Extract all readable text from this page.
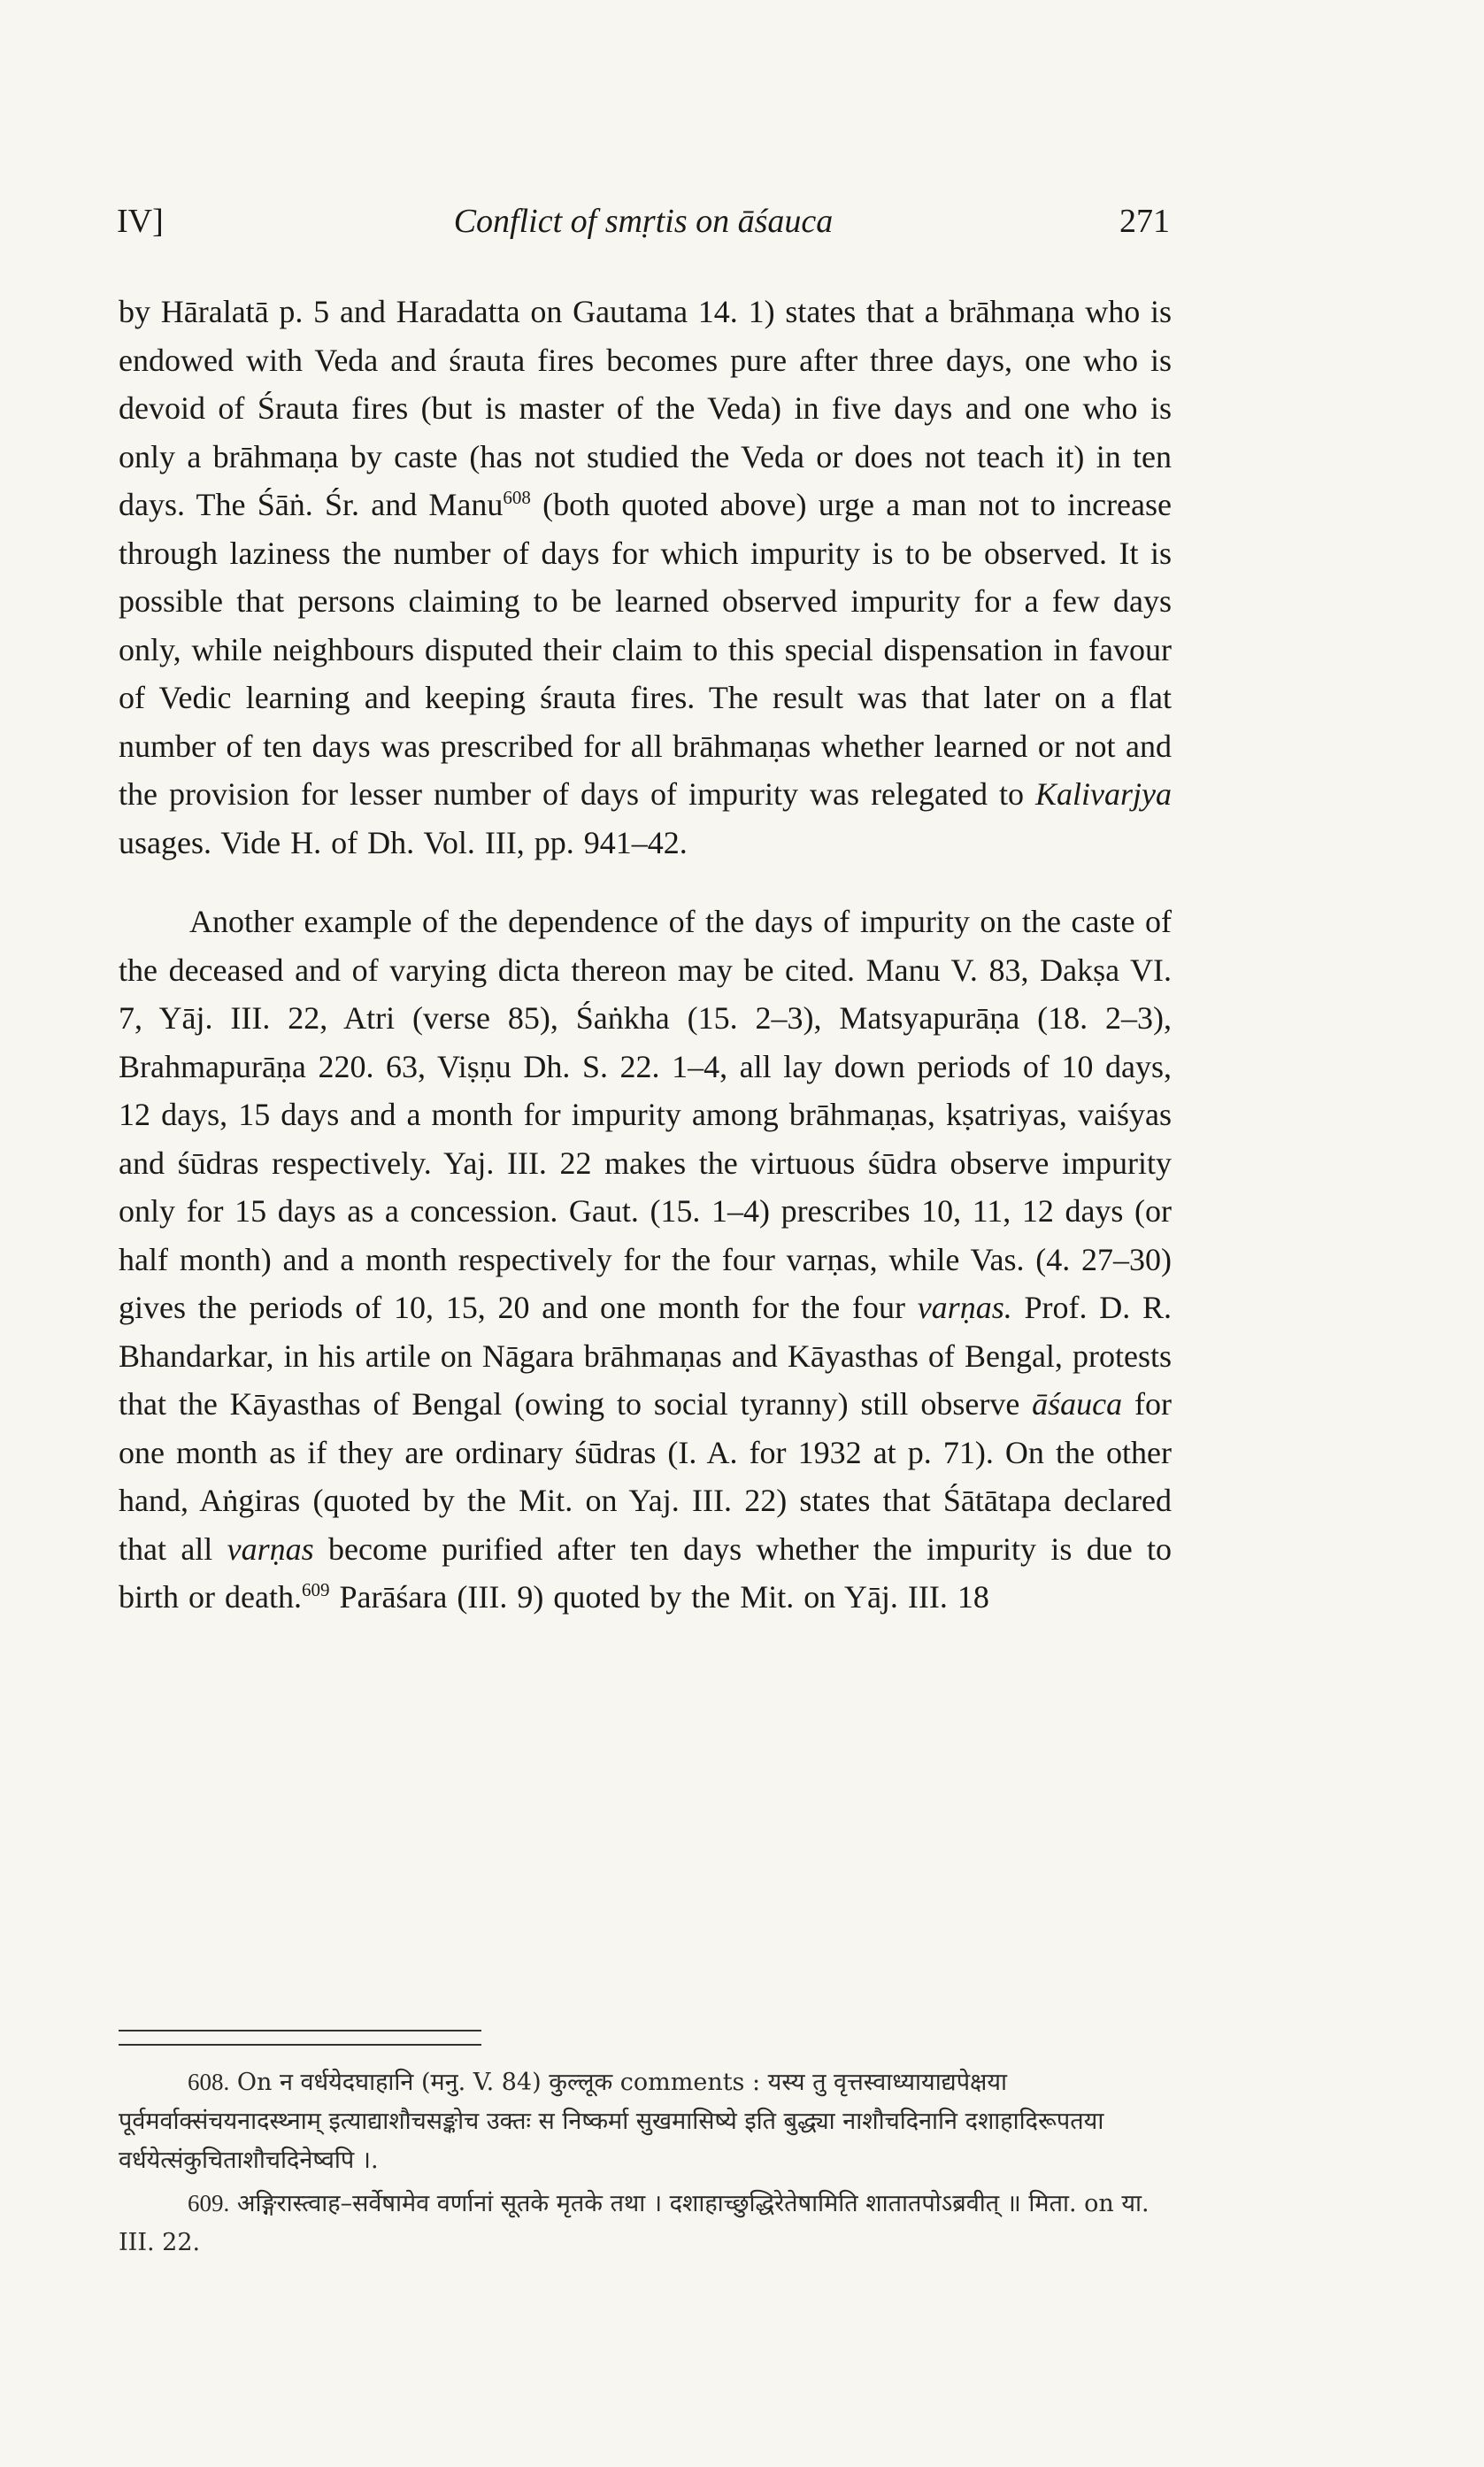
IV]	Conflict of smṛtis on āśauca	271

by Hāralatā p. 5 and Haradatta on Gautama 14. 1) states that a brāhmaṇa who is endowed with Veda and śrauta fires becomes pure after three days, one who is devoid of Śrauta fires (but is master of the Veda) in five days and one who is only a brāhmaṇa by caste (has not studied the Veda or does not teach it) in ten days. The Śāṅ. Śr. and Manu$^{608}$ (both quoted above) urge a man not to increase through laziness the number of days for which impurity is to be observed. It is possible that persons claiming to be learned observed impurity for a few days only, while neighbours disputed their claim to this special dispensation in favour of Vedic learning and keeping śrauta fires. The result was that later on a flat number of ten days was prescribed for all brāhmaṇas whether learned or not and the provision for lesser number of days of impurity was relegated to Kalivarjya usages. Vide H. of Dh. Vol. III, pp. 941–42.

Another example of the dependence of the days of impurity on the caste of the deceased and of varying dicta thereon may be cited. Manu V. 83, Dakṣa VI. 7, Yāj. III. 22, Atri (verse 85), Śaṅkha (15. 2–3), Matsyapurāṇa (18. 2–3), Brahmapurāṇa 220. 63, Viṣṇu Dh. S. 22. 1–4, all lay down periods of 10 days, 12 days, 15 days and a month for impurity among brāhmaṇas, kṣatriyas, vaiśyas and śūdras respectively. Yaj. III. 22 makes the virtuous śūdra observe impurity only for 15 days as a concession. Gaut. (15. 1–4) prescribes 10, 11, 12 days (or half month) and a month respectively for the four varṇas, while Vas. (4. 27–30) gives the periods of 10, 15, 20 and one month for the four varṇas. Prof. D. R. Bhandarkar, in his artile on Nāgara brāhmaṇas and Kāyasthas of Bengal, protests that the Kāyasthas of Bengal (owing to social tyranny) still observe āśauca for one month as if they are ordinary śūdras (I. A. for 1932 at p. 71). On the other hand, Aṅgiras (quoted by the Mit. on Yaj. III. 22) states that Śātātapa declared that all varṇas become purified after ten days whether the impurity is due to birth or death.$^{609}$ Parāśara (III. 9) quoted by the Mit. on Yāj. III. 18

608. On न वर्धयेदघाहानि (मनु. V. 84) कुल्लूक comments : यस्य तु वृत्तस्वाध्यायाद्यपेक्षया पूर्वमर्वाक्संचयनादस्थ्नाम् इत्याद्याशौचसङ्कोच उक्तः स निष्कर्मा सुखमासिष्ये इति बुद्ध्या नाशौचदिनानि दशाहादिरूपतया वर्धयेत्संकुचिताशौचदिनेष्वपि ।.

609. अङ्गिरास्त्वाह–सर्वेषामेव वर्णानां सूतके मृतके तथा । दशाहाच्छुद्धिरेतेषामिति शातातपोऽब्रवीत् ॥ मिता. on या. III. 22.
